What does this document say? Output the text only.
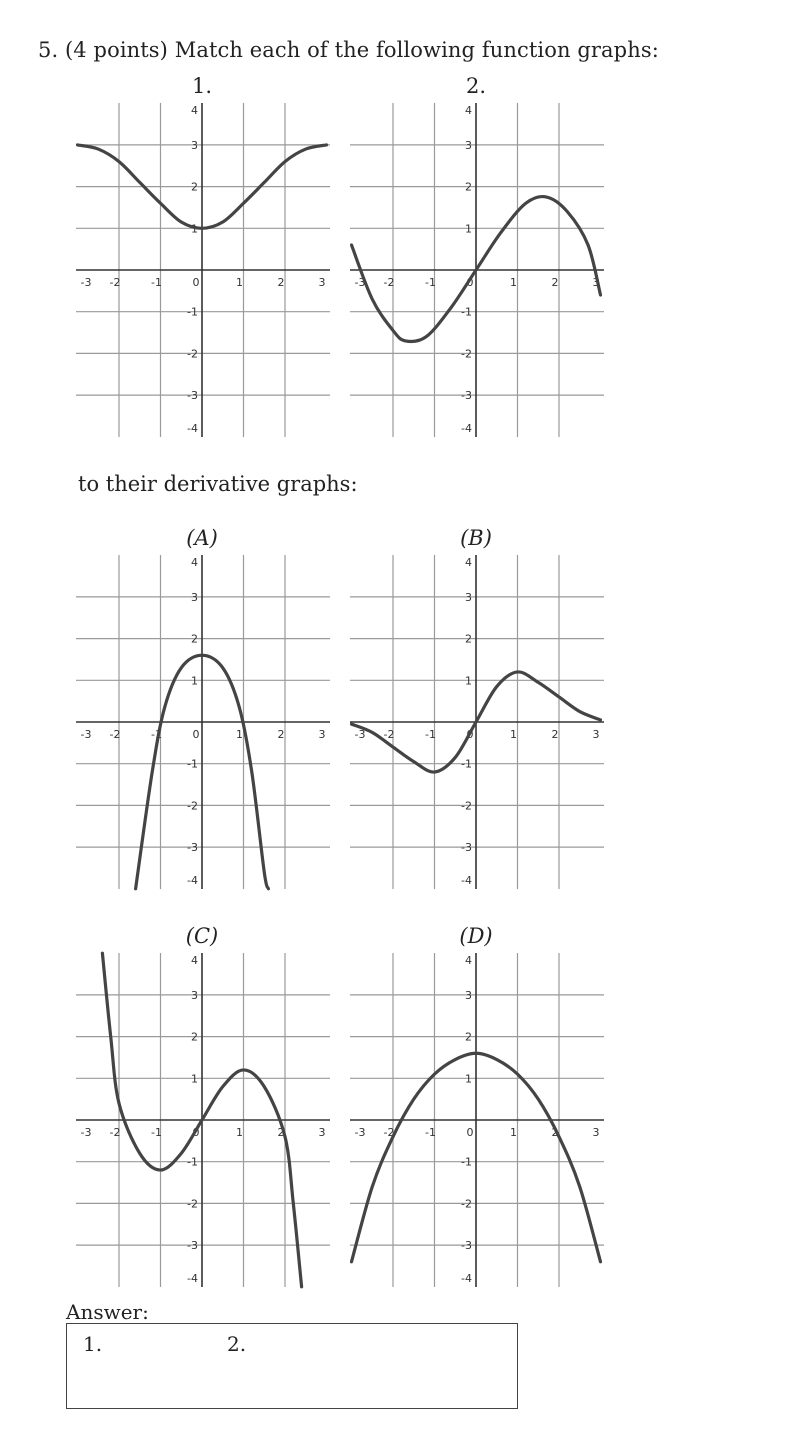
5. (4 points) Match each of the following function graphs:
1.	2.
-3 -2	-1	0	1	2	3
4
3
2
1
-1
-2
-3
-4
-3 -2	-1	0	1	2	3
4
3
2
1
-1
-2
-3
-4
to their derivative graphs:
(A)	(B)
-3 -2	-1	0	1	2	3
4
3
2
1
-1
-2
-3
-4
-3 -2	-1	0	1	2	3
4
3
2
1
-1
-2
-3
-4
(C)	(D)
-3 -2	-1	0	1	2	3
4
3
2
1
-1
-2
-3
-4
-3 -2	-1	0	1	2	3
4
3
2
1
-1
-2
-3
-4
Answer:
1.	2.
